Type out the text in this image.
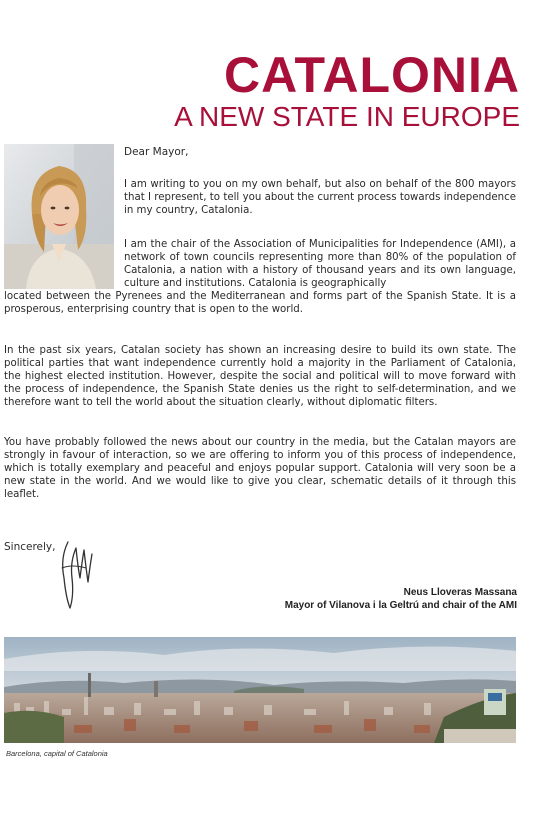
CATALONIA
A NEW STATE IN EUROPE
Dear Mayor,
I am writing to you on my own behalf, but also on behalf of the 800 mayors that I represent, to tell you about the current process towards independence in my country, Catalonia.
I am the chair of the Association of Municipalities for Independence (AMI), a network of town councils representing more than 80% of the population of Catalonia, a nation with a history of thousand years and its own language, culture and institutions. Catalonia is geographically
located between the Pyrenees and the Mediterranean and forms part of the Spanish State. It is a prosperous, enterprising country that is open to the world.
In the past six years, Catalan society has shown an increasing desire to build its own state. The political parties that want independence currently hold a majority in the Parliament of Catalonia, the highest elected institution. However, despite the social and political will to move forward with the process of independence, the Spanish State denies us the right to self-determination, and we therefore want to tell the world about the situation clearly, without diplomatic filters.
You have probably followed the news about our country in the media, but the Catalan mayors are strongly in favour of interaction, so we are offering to inform you of this process of independence, which is totally exemplary and peaceful and enjoys popular support. Catalonia will very soon be a new state in the world. And we would like to give you clear, schematic details of it through this leaflet.
Sincerely,
Neus Lloveras Massana
Mayor of Vilanova i la Geltrú and chair of the AMI
Barcelona, capital of Catalonia
